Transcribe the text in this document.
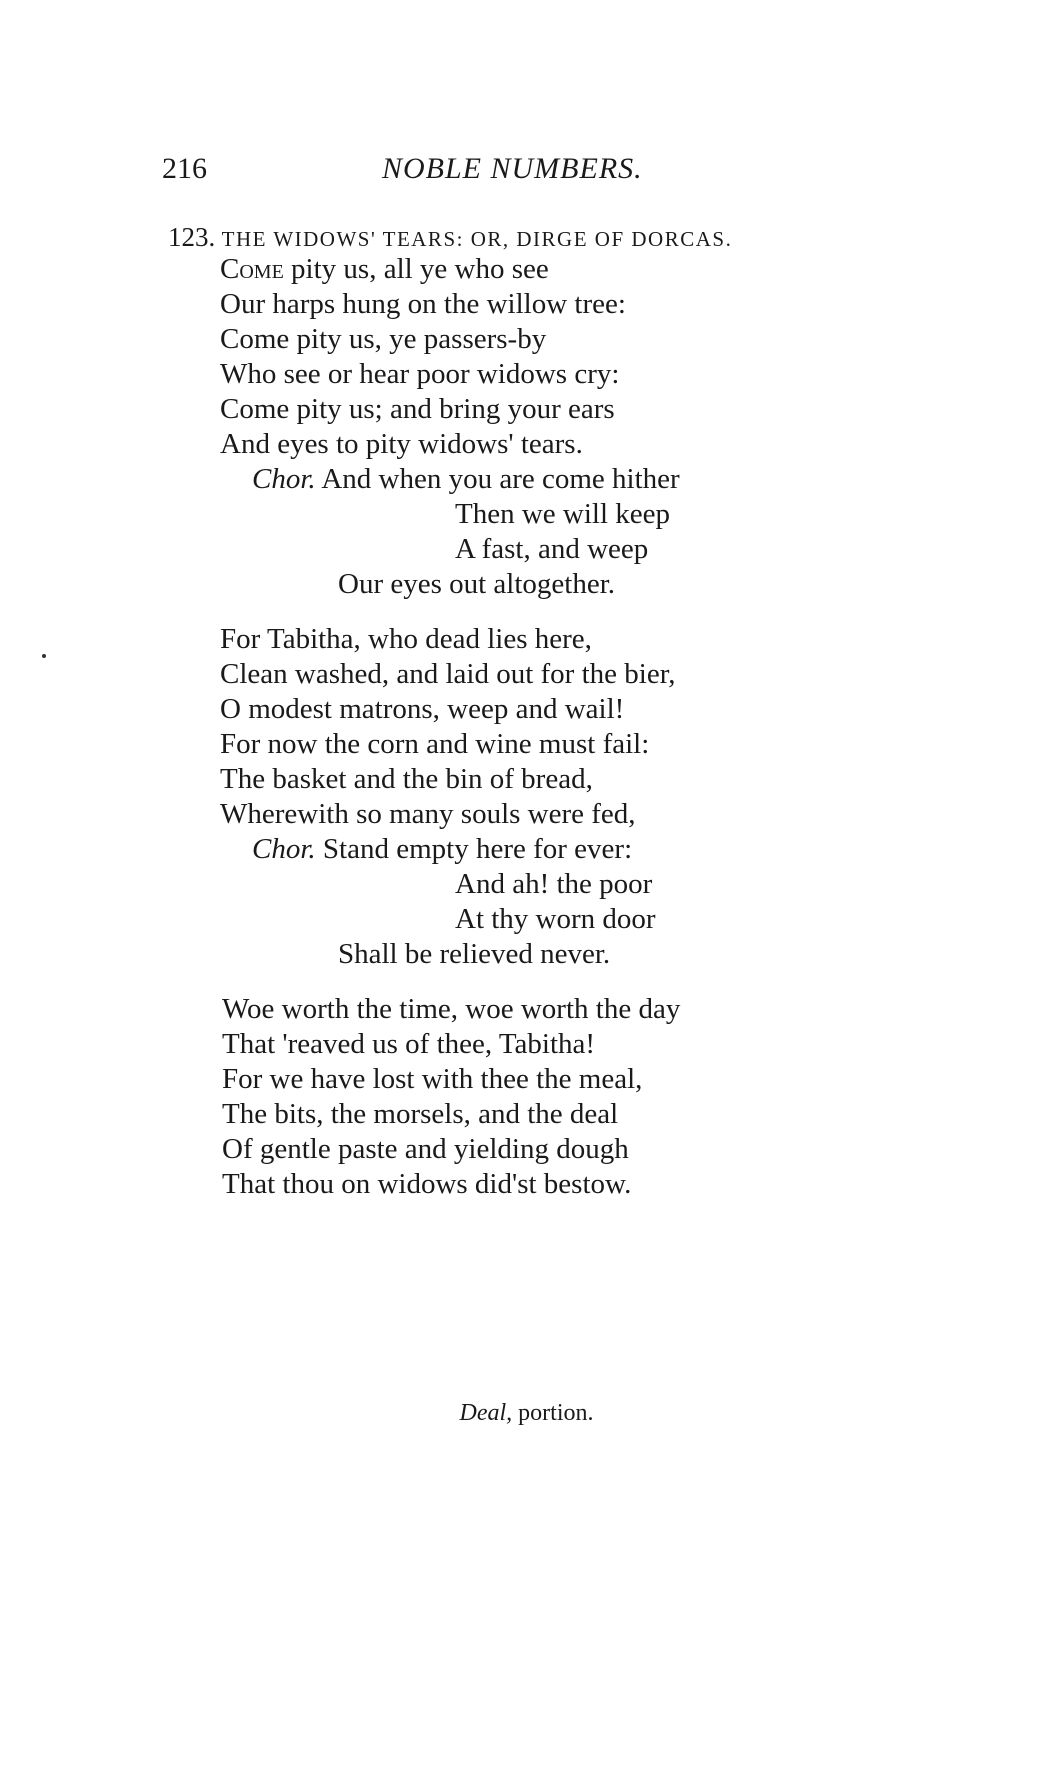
216	NOBLE NUMBERS.
123. THE WIDOWS' TEARS: OR, DIRGE OF DORCAS.
Come pity us, all ye who see
Our harps hung on the willow tree:
Come pity us, ye passers-by
Who see or hear poor widows cry:
Come pity us; and bring your ears
And eyes to pity widows' tears.
Chor. And when you are come hither
Then we will keep
A fast, and weep
Our eyes out altogether.
For Tabitha, who dead lies here,
Clean washed, and laid out for the bier,
O modest matrons, weep and wail!
For now the corn and wine must fail:
The basket and the bin of bread,
Wherewith so many souls were fed,
Chor. Stand empty here for ever:
And ah! the poor
At thy worn door
Shall be relieved never.
Woe worth the time, woe worth the day
That 'reaved us of thee, Tabitha!
For we have lost with thee the meal,
The bits, the morsels, and the deal
Of gentle paste and yielding dough
That thou on widows did'st bestow.
Deal, portion.
